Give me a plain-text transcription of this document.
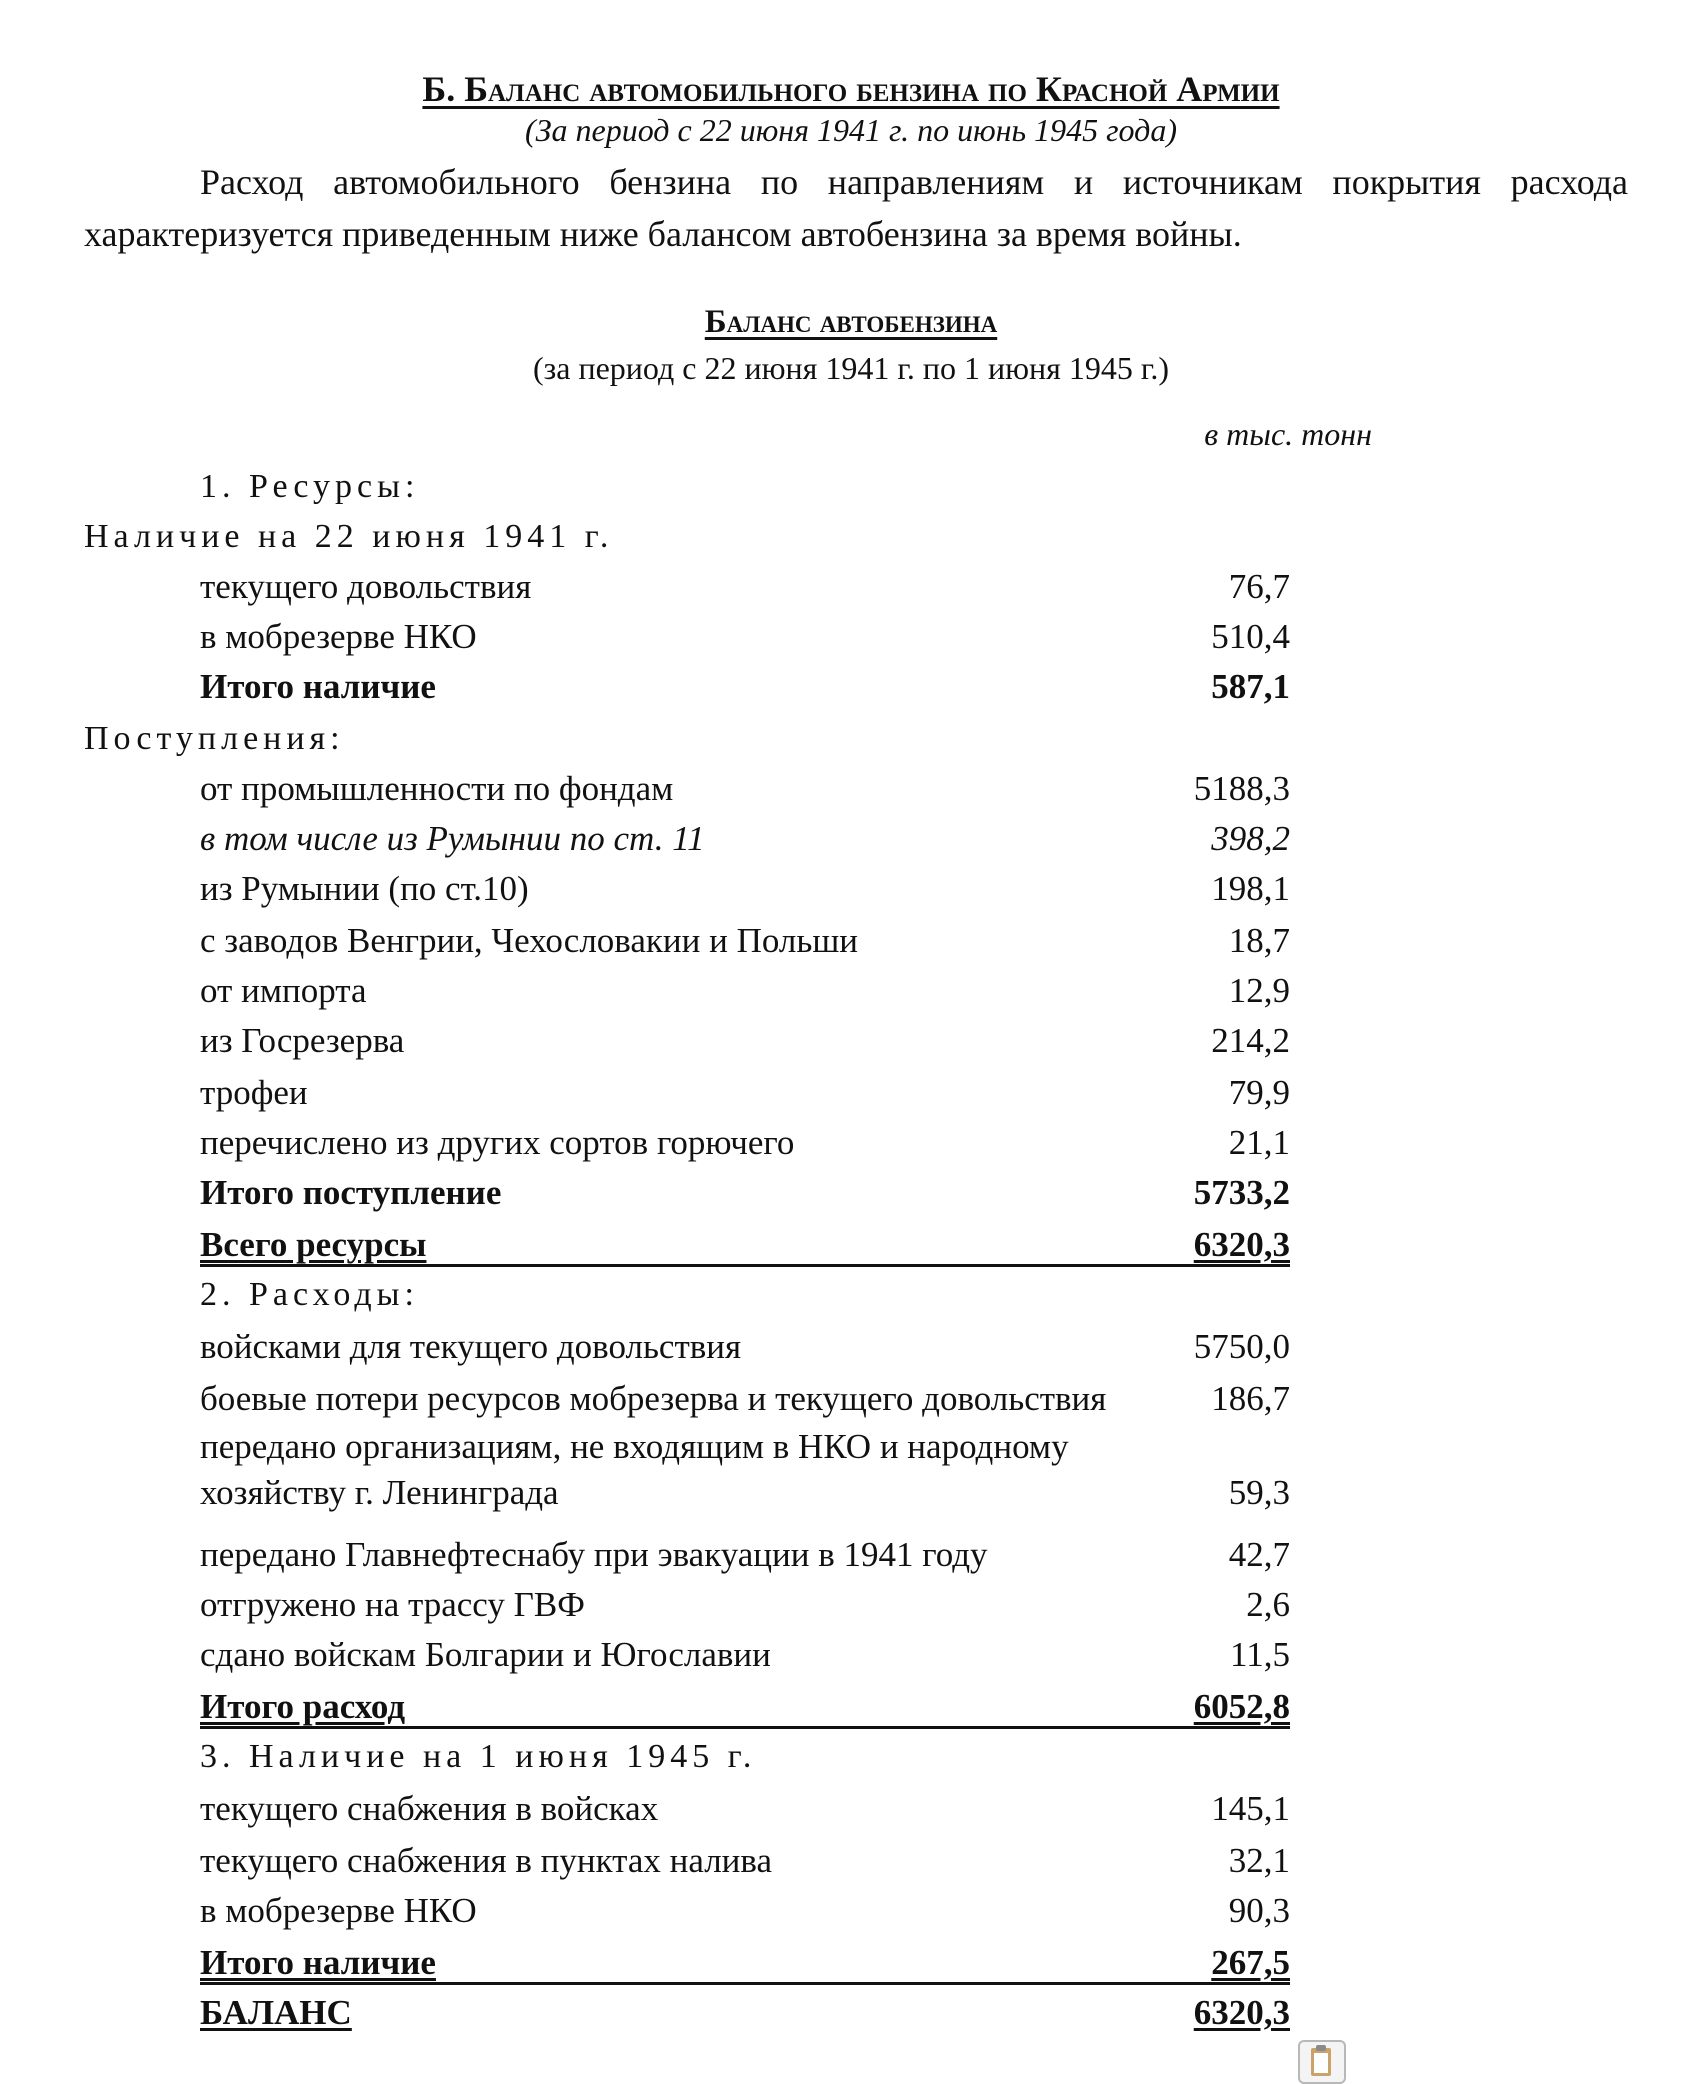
Б. Баланс автомобильного бензина по Красной Армии
(За период с 22 июня 1941 г. по июнь 1945 года)
Расход автомобильного бензина по направлениям и источникам покрытия расхода характеризуется приведенным ниже балансом автобензина за время войны.
Баланс автобензина
(за период с 22 июня 1941 г. по 1 июня 1945 г.)
в тыс. тонн
1. Ресурсы:
Наличие на 22 июня 1941 г.
текущего довольствия	76,7
в мобрезерве НКО	510,4
Итого наличие	587,1
Поступления:
от промышленности по фондам	5188,3
в том числе из Румынии по ст. 11	398,2
из Румынии (по ст.10)	198,1
с заводов Венгрии, Чехословакии и Польши	18,7
от импорта	12,9
из Госрезерва	214,2
трофеи	79,9
перечислено из других сортов горючего	21,1
Итого поступление	5733,2
Всего ресурсы	6320,3
2. Расходы:
войсками для текущего довольствия	5750,0
боевые потери ресурсов мобрезерва и текущего довольствия	186,7
передано организациям, не входящим в НКО и народному хозяйству г. Ленинграда	59,3
передано Главнефтеснабу при эвакуации в 1941 году	42,7
отгружено на трассу ГВФ	2,6
сдано войскам Болгарии и Югославии	11,5
Итого расход	6052,8
3. Наличие на 1 июня 1945 г.
текущего снабжения в войсках	145,1
текущего снабжения в пунктах налива	32,1
в мобрезерве НКО	90,3
Итого наличие	267,5
БАЛАНС	6320,3
